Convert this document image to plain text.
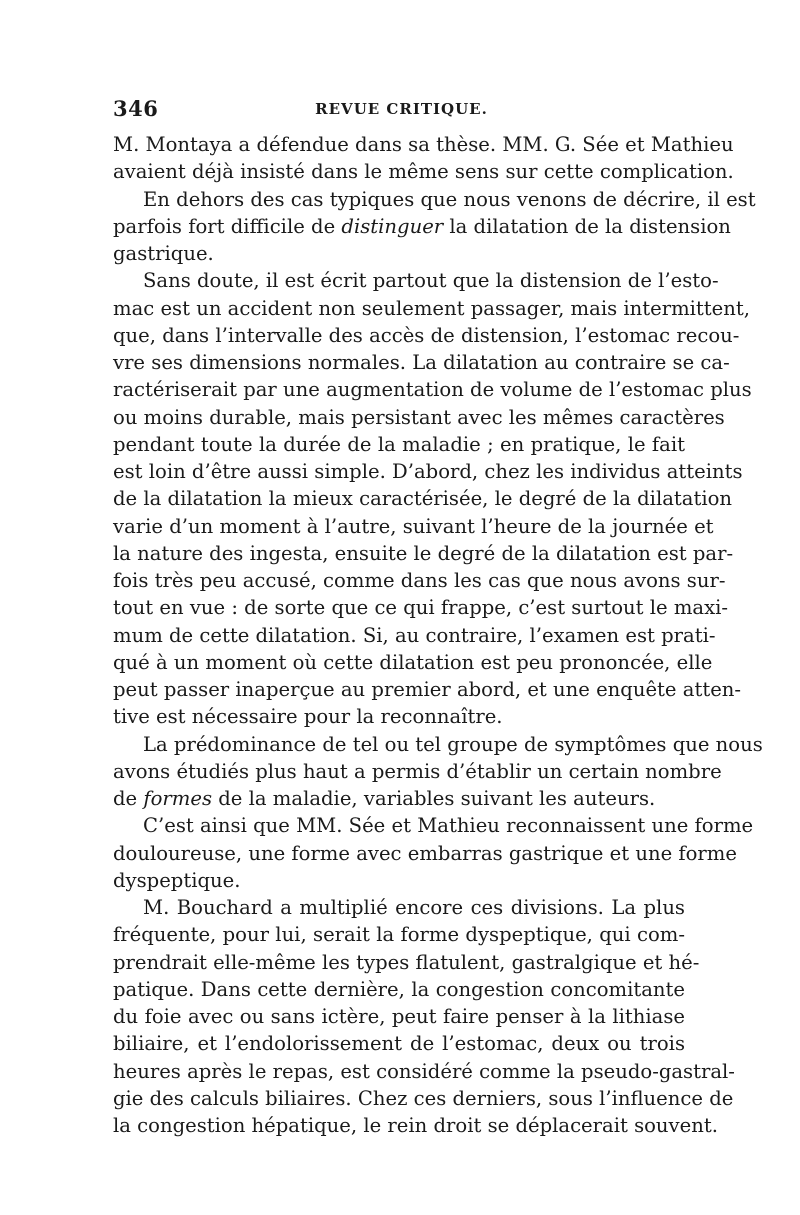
346	REVUE CRITIQUE.
M. Montaya a défendue dans sa thèse. MM. G. Sée et Mathieu
avaient déjà insisté dans le même sens sur cette complication.
En dehors des cas typiques que nous venons de décrire, il est
parfois fort difficile de distinguer la dilatation de la distension
gastrique.
Sans doute, il est écrit partout que la distension de l’esto-
mac est un accident non seulement passager, mais intermittent,
que, dans l’intervalle des accès de distension, l’estomac recou-
vre ses dimensions normales. La dilatation au contraire se ca-
ractériserait par une augmentation de volume de l’estomac plus
ou moins durable, mais persistant avec les mêmes caractères
pendant toute la durée de la maladie ; en pratique, le fait
est loin d’être aussi simple. D’abord, chez les individus atteints
de la dilatation la mieux caractérisée, le degré de la dilatation
varie d’un moment à l’autre, suivant l’heure de la journée et
la nature des ingesta, ensuite le degré de la dilatation est par-
fois très peu accusé, comme dans les cas que nous avons sur-
tout en vue : de sorte que ce qui frappe, c’est surtout le maxi-
mum de cette dilatation. Si, au contraire, l’examen est prati-
qué à un moment où cette dilatation est peu prononcée, elle
peut passer inaperçue au premier abord, et une enquête atten-
tive est nécessaire pour la reconnaître.
La prédominance de tel ou tel groupe de symptômes que nous
avons étudiés plus haut a permis d’établir un certain nombre
de formes de la maladie, variables suivant les auteurs.
C’est ainsi que MM. Sée et Mathieu reconnaissent une forme
douloureuse, une forme avec embarras gastrique et une forme
dyspeptique.
M. Bouchard a multiplié encore ces divisions. La plus
fréquente, pour lui, serait la forme dyspeptique, qui com-
prendrait elle-même les types flatulent, gastralgique et hé-
patique. Dans cette dernière, la congestion concomitante
du foie avec ou sans ictère, peut faire penser à la lithiase
biliaire, et l’endolorissement de l’estomac, deux ou trois
heures après le repas, est considéré comme la pseudo-gastral-
gie des calculs biliaires. Chez ces derniers, sous l’influence de
la congestion hépatique, le rein droit se déplacerait souvent.
